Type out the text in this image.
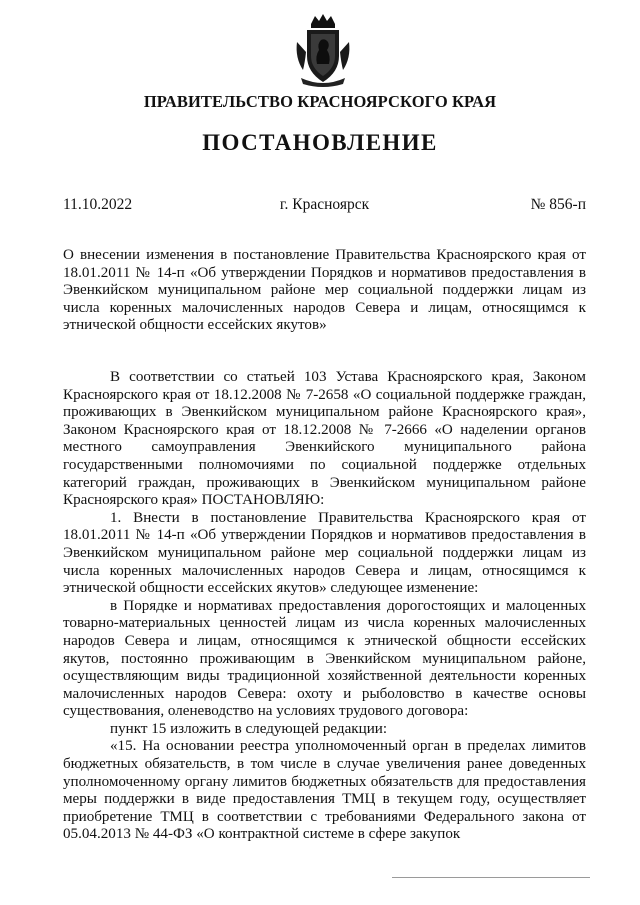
ПРАВИТЕЛЬСТВО КРАСНОЯРСКОГО КРАЯ
ПОСТАНОВЛЕНИЕ
11.10.2022	г. Красноярск	№ 856-п

О внесении изменения в постановление Правительства Красноярского края от 18.01.2011 № 14-п «Об утверждении Порядков и нормативов предоставления в Эвенкийском муниципальном районе мер социальной поддержки лицам из числа коренных малочисленных народов Севера и лицам, относящимся к этнической общности ессейских якутов»

В соответствии со статьей 103 Устава Красноярского края, Законом Красноярского края от 18.12.2008 № 7-2658 «О социальной поддержке граждан, проживающих в Эвенкийском муниципальном районе Красноярского края», Законом Красноярского края от 18.12.2008 № 7-2666 «О наделении органов местного самоуправления Эвенкийского муниципального района государственными полномочиями по социальной поддержке отдельных категорий граждан, проживающих в Эвенкийском муниципальном районе Красноярского края» ПОСТАНОВЛЯЮ:

1. Внести в постановление Правительства Красноярского края от 18.01.2011 № 14-п «Об утверждении Порядков и нормативов предоставления в Эвенкийском муниципальном районе мер социальной поддержки лицам из числа коренных малочисленных народов Севера и лицам, относящимся к этнической общности ессейских якутов» следующее изменение:

в Порядке и нормативах предоставления дорогостоящих и малоценных товарно-материальных ценностей лицам из числа коренных малочисленных народов Севера и лицам, относящимся к этнической общности ессейских якутов, постоянно проживающим в Эвенкийском муниципальном районе, осуществляющим виды традиционной хозяйственной деятельности коренных малочисленных народов Севера: охоту и рыболовство в качестве основы существования, оленеводство на условиях трудового договора:

пункт 15 изложить в следующей редакции:

«15. На основании реестра уполномоченный орган в пределах лимитов бюджетных обязательств, в том числе в случае увеличения ранее доведенных уполномоченному органу лимитов бюджетных обязательств для предоставления меры поддержки в виде предоставления ТМЦ в текущем году, осуществляет приобретение ТМЦ в соответствии с требованиями Федерального закона от 05.04.2013 № 44-ФЗ «О контрактной системе в сфере закупок
